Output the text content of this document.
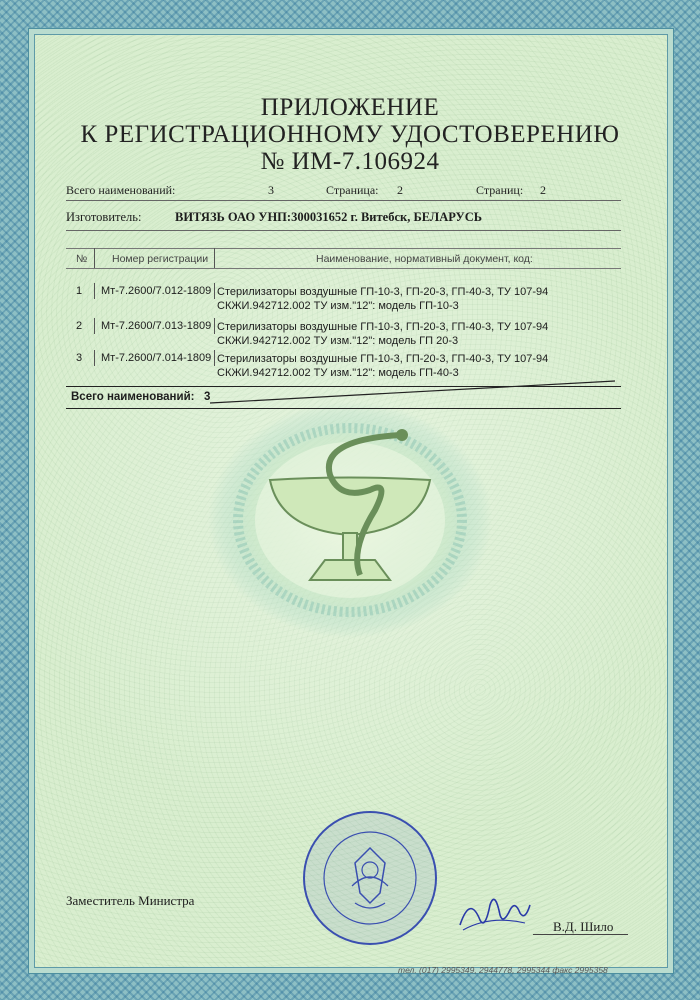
ПРИЛОЖЕНИЕ
К РЕГИСТРАЦИОННОМУ УДОСТОВЕРЕНИЮ
№ ИМ-7.106924
Всего наименований:	3	Страница: 2	Страниц: 2
Изготовитель:	ВИТЯЗЬ ОАО УНП:300031652 г. Витебск, БЕЛАРУСЬ
№ Номер регистрации	Наименование, нормативный документ, код:
1 Мт-7.2600/7.012-1809 Стерилизаторы воздушные ГП-10-3, ГП-20-3, ГП-40-3, ТУ 107-94
СКЖИ.942712.002 ТУ изм."12": модель ГП-10-3
2 Мт-7.2600/7.013-1809 Стерилизаторы воздушные ГП-10-3, ГП-20-3, ГП-40-3, ТУ 107-94
СКЖИ.942712.002 ТУ изм."12": модель ГП 20-3
3 Мт-7.2600/7.014-1809 Стерилизаторы воздушные ГП-10-3, ГП-20-3, ГП-40-3, ТУ 107-94
СКЖИ.942712.002 ТУ изм."12": модель ГП-40-3
Всего наименований: 3
Заместитель Министра
В.Д. Шило
тел. (017) 2995349, 2944778, 2995344 факс 2995358
